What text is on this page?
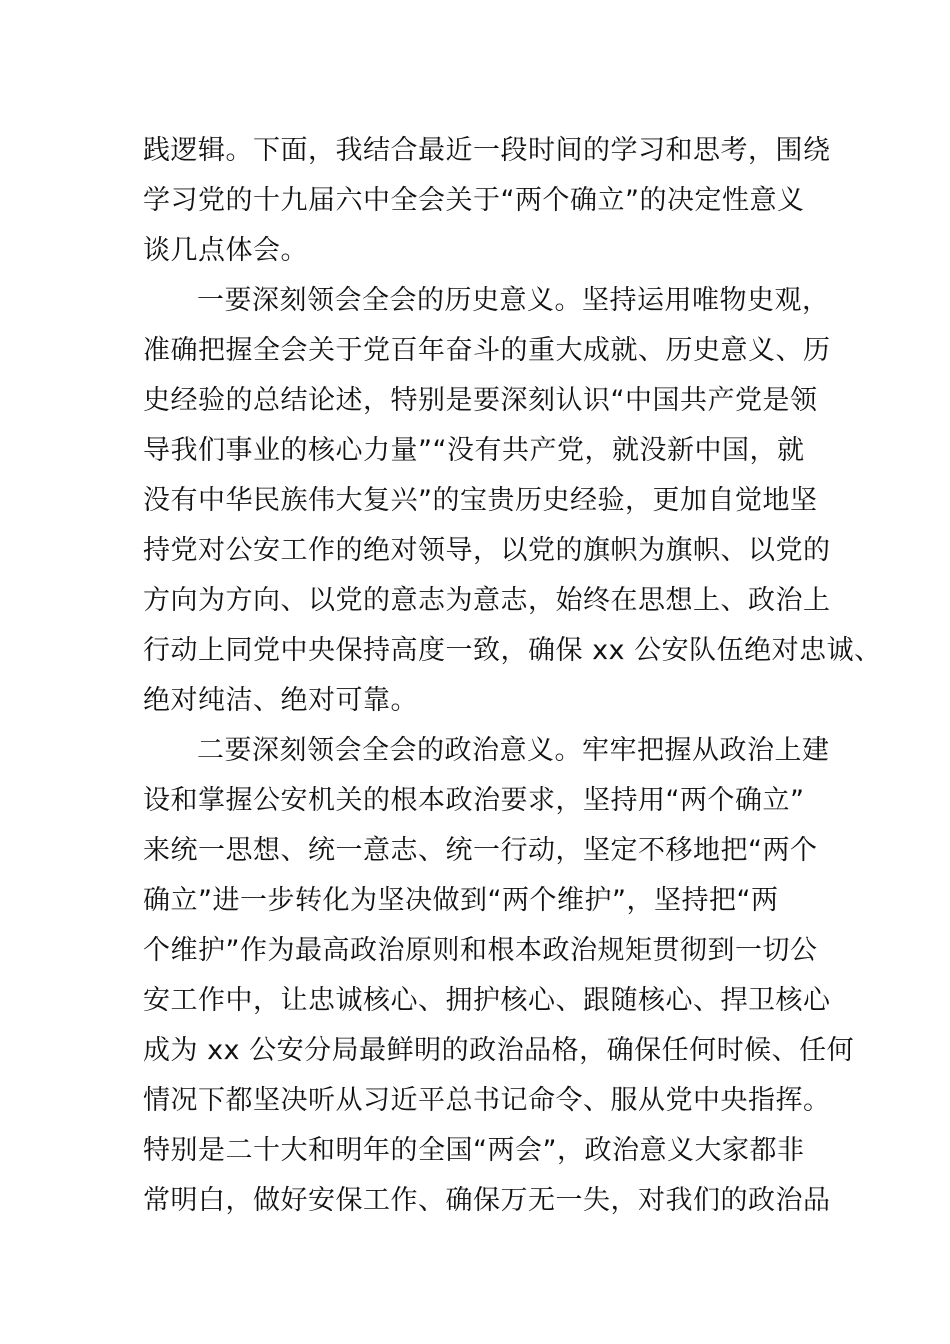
践逻辑。下面，我结合最近一段时间的学习和思考，围绕
学习党的十九届六中全会关于“两个确立”的决定性意义
谈几点体会。
一要深刻领会全会的历史意义。坚持运用唯物史观，
准确把握全会关于党百年奋斗的重大成就、历史意义、历
史经验的总结论述，特别是要深刻认识“中国共产党是领
导我们事业的核心力量”“没有共产党，就没新中国，就
没有中华民族伟大复兴”的宝贵历史经验，更加自觉地坚
持党对公安工作的绝对领导，以党的旗帜为旗帜、以党的
方向为方向、以党的意志为意志，始终在思想上、政治上
行动上同党中央保持高度一致，确保 xx 公安队伍绝对忠诚、
绝对纯洁、绝对可靠。
二要深刻领会全会的政治意义。牢牢把握从政治上建
设和掌握公安机关的根本政治要求，坚持用“两个确立”
来统一思想、统一意志、统一行动，坚定不移地把“两个
确立”进一步转化为坚决做到“两个维护”，坚持把“两
个维护”作为最高政治原则和根本政治规矩贯彻到一切公
安工作中，让忠诚核心、拥护核心、跟随核心、捍卫核心
成为 xx 公安分局最鲜明的政治品格，确保任何时候、任何
情况下都坚决听从习近平总书记命令、服从党中央指挥。
特别是二十大和明年的全国“两会”，政治意义大家都非
常明白，做好安保工作、确保万无一失，对我们的政治品
